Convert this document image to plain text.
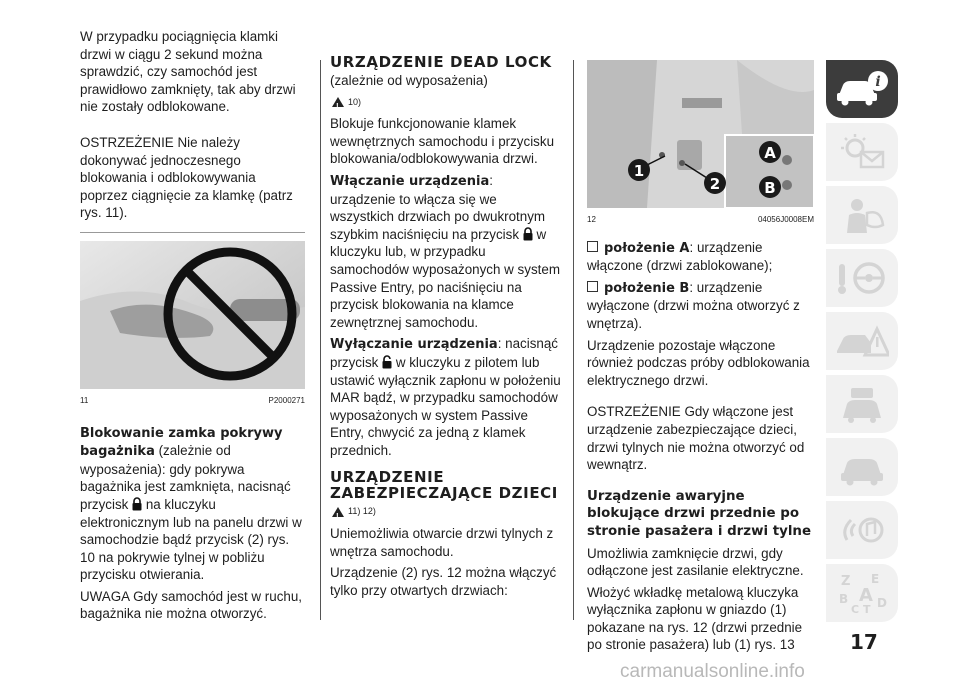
W przypadku pociągnięcia klamki drzwi w ciągu 2 sekund można sprawdzić, czy samochód jest prawidłowo zamknięty, tak aby drzwi nie zostały odblokowane.

OSTRZEŻENIE Nie należy dokonywać jednoczesnego blokowania i odblokowywania poprzez ciągnięcie za klamkę (patrz rys. 11).

11	P2000271

Blokowanie zamka pokrywy bagażnika (zależnie od wyposażenia): gdy pokrywa bagażnika jest zamknięta, nacisnąć przycisk  na kluczyku elektronicznym lub na panelu drzwi w samochodzie bądź przycisk (2) rys. 10 na pokrywie tylnej w pobliżu przycisku otwierania.

UWAGA Gdy samochód jest w ruchu, bagażnika nie można otworzyć.

URZĄDZENIE DEAD LOCK

(zależnie od wyposażenia)

!
10)

Blokuje funkcjonowanie klamek wewnętrznych samochodu i przycisku blokowania/odblokowywania drzwi.

Włączanie urządzenia: urządzenie to włącza się we wszystkich drzwiach po dwukrotnym szybkim naciśnięciu na przycisk  w kluczyku lub, w przypadku samochodów wyposażonych w system Passive Entry, po naciśnięciu na przycisk blokowania na klamce zewnętrznej samochodu.

Wyłączanie urządzenia: nacisnąć przycisk  w kluczyku z pilotem lub ustawić wyłącznik zapłonu w położeniu MAR bądź, w przypadku samochodów wyposażonych w system Passive Entry, chwycić za jedną z klamek przednich.

URZĄDZENIE ZABEZPIECZAJĄCE DZIECI
!
11) 12)

Uniemożliwia otwarcie drzwi tylnych z wnętrza samochodu.

Urządzenie (2) rys. 12 można włączyć tylko przy otwartych drzwiach:

1
2
A
B
12	04056J0008EM

położenie A: urządzenie włączone (drzwi zablokowane);

położenie B: urządzenie wyłączone (drzwi można otworzyć z wnętrza).

Urządzenie pozostaje włączone również podczas próby odblokowania elektrycznego drzwi.

OSTRZEŻENIE Gdy włączone jest urządzenie zabezpieczające dzieci, drzwi tylnych nie można otworzyć od wewnątrz.

Urządzenie awaryjne blokujące drzwi przednie po stronie pasażera i drzwi tylne

Umożliwia zamknięcie drzwi, gdy odłączone jest zasilanie elektryczne.

Włożyć wkładkę metalową kluczyka wyłącznika zapłonu w gniazdo (1) pokazane na rys. 12 (drzwi przednie po stronie pasażera) lub (1) rys. 13

i
Z E
B A
C T D
17
carmanualsonline.info
